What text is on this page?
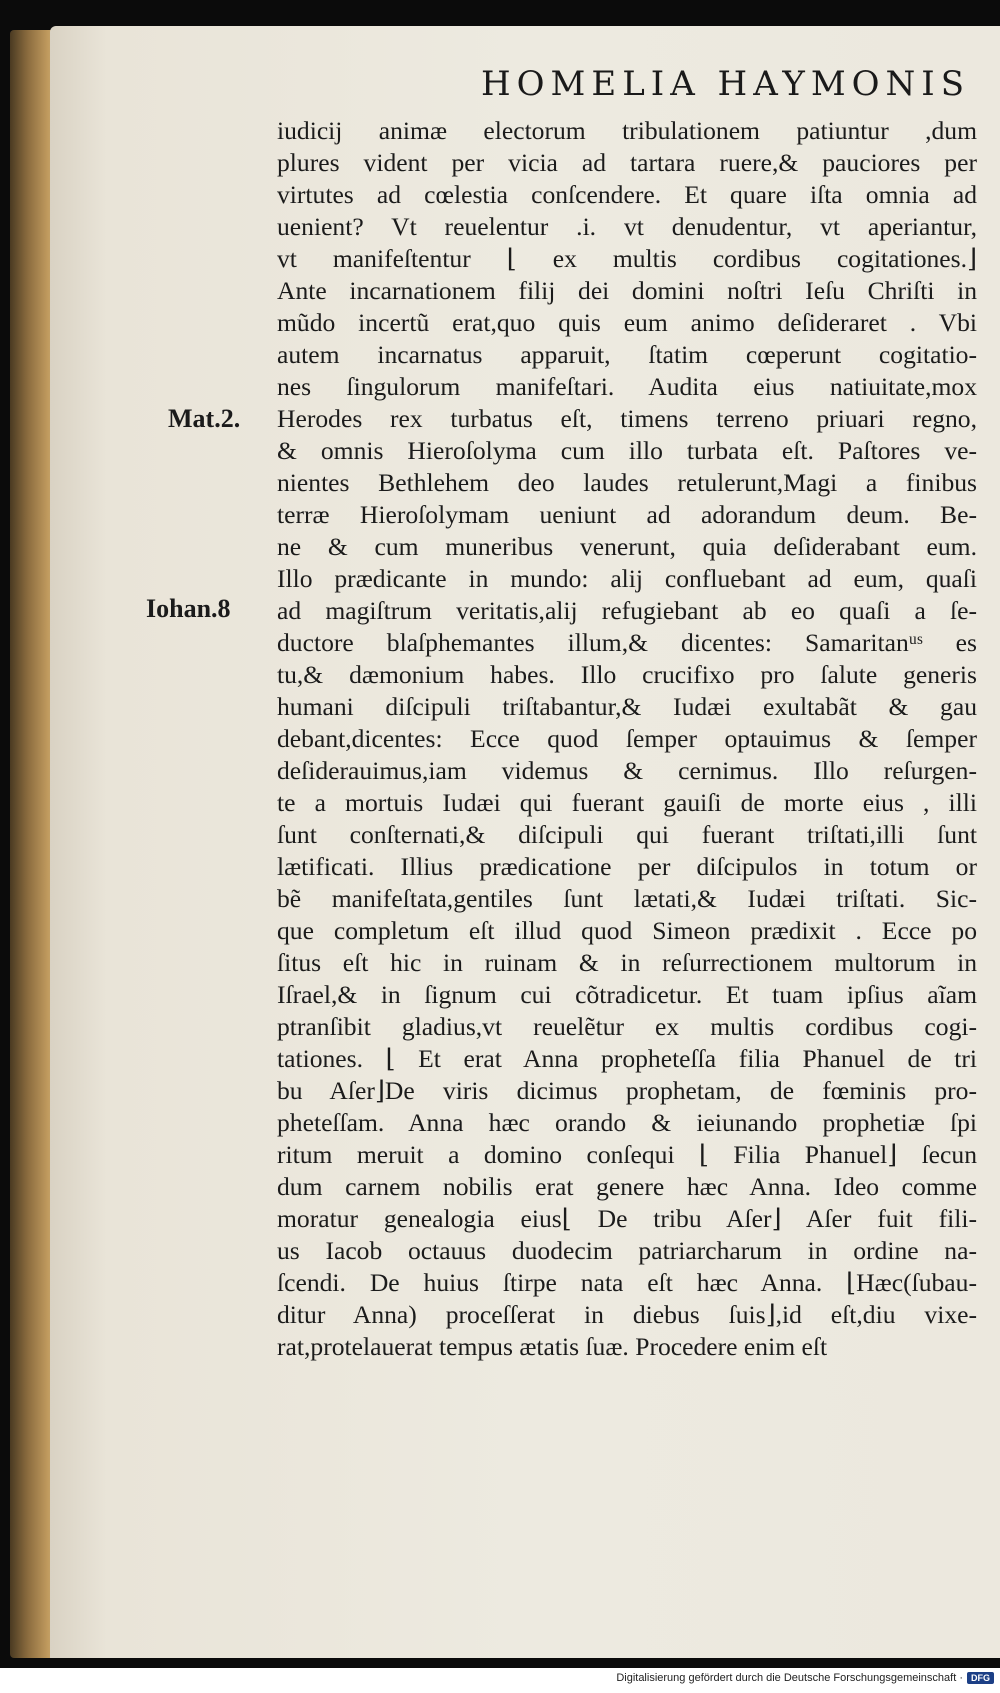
HOMELIA HAYMONIS
Mat.2.
Iohan.8
iudicij animæ electorum tribulationem patiuntur ,dum
plures vident per vicia ad tartara ruere,& pauciores per
virtutes ad cœlestia conſcendere. Et quare iſta omnia ad
uenient? Vt reuelentur .i. vt denudentur, vt aperiantur,
vt manifeſtentur ⌊ ex multis cordibus cogitationes.⌋
Ante incarnationem filij dei domini noſtri Ieſu Chriſti in
mũdo incertũ erat,quo quis eum animo deſideraret . Vbi
autem incarnatus apparuit, ſtatim cœperunt cogitatio-
nes ſingulorum manifeſtari. Audita eius natiuitate,mox
Herodes rex turbatus eſt, timens terreno priuari regno,
& omnis Hieroſolyma cum illo turbata eſt. Paſtores ve-
nientes Bethlehem deo laudes retulerunt,Magi a finibus
terræ Hieroſolymam ueniunt ad adorandum deum. Be-
ne & cum muneribus venerunt, quia deſiderabant eum.
Illo prædicante in mundo: alij confluebant ad eum, quaſi
ad magiſtrum veritatis,alij refugiebant ab eo quaſi a ſe-
ductore blaſphemantes illum,& dicentes: Samaritanᵘˢ es
tu,& dæmonium habes. Illo crucifixo pro ſalute generis
humani diſcipuli triſtabantur,& Iudæi exultabãt & gau
debant,dicentes: Ecce quod ſemper optauimus & ſemper
deſiderauimus,iam videmus & cernimus. Illo reſurgen-
te a mortuis Iudæi qui fuerant gauiſi de morte eius , illi
ſunt conſternati,& diſcipuli qui fuerant triſtati,illi ſunt
lætificati. Illius prædicatione per diſcipulos in totum or
bẽ manifeſtata,gentiles ſunt lætati,& Iudæi triſtati. Sic-
que completum eſt illud quod Simeon prædixit . Ecce po
ſitus eſt hic in ruinam & in reſurrectionem multorum in
Iſrael,& in ſignum cui cõtradicetur. Et tuam ipſius aĩam
ptranſibit gladius,vt reuelẽtur ex multis cordibus cogi-
tationes. ⌊ Et erat Anna propheteſſa filia Phanuel de tri
bu Aſer⌋De viris dicimus prophetam, de fœminis pro-
pheteſſam. Anna hæc orando & ieiunando prophetiæ ſpi
ritum meruit a domino conſequi ⌊ Filia Phanuel⌋ ſecun
dum carnem nobilis erat genere hæc Anna. Ideo comme
moratur genealogia eius⌊ De tribu Aſer⌋ Aſer fuit fili-
us Iacob octauus duodecim patriarcharum in ordine na-
ſcendi. De huius ſtirpe nata eſt hæc Anna. ⌊Hæc(ſubau-
ditur Anna) proceſſerat in diebus ſuis⌋,id eſt,diu vixe-
rat,protelauerat tempus ætatis ſuæ. Procedere enim eſt
Digitalisierung gefördert durch die Deutsche Forschungsgemeinschaft · DFG
